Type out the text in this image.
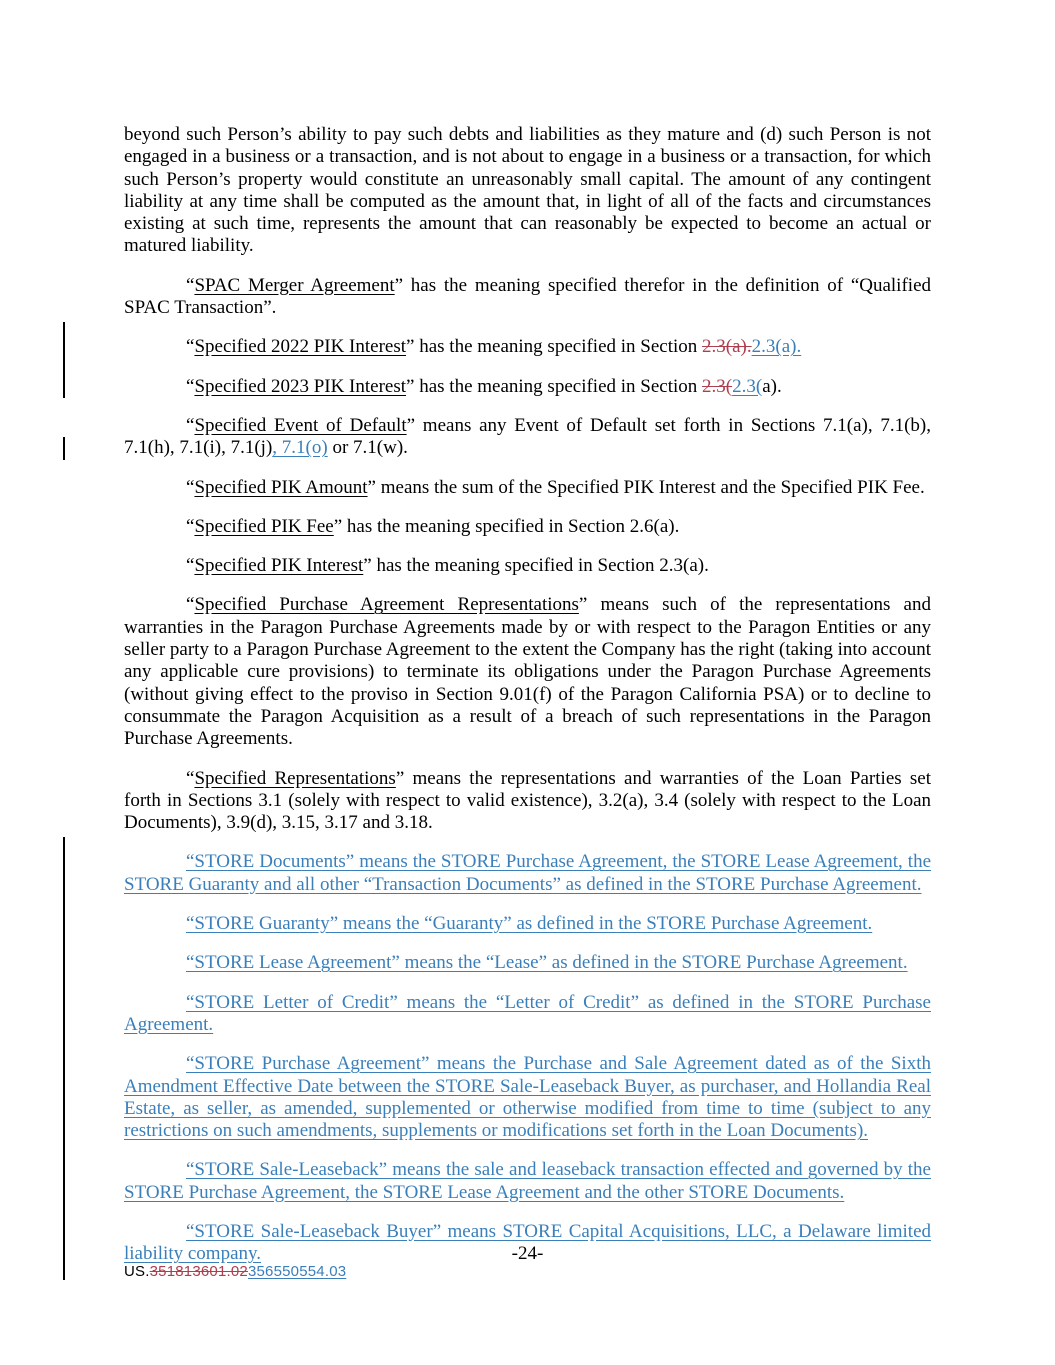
beyond such Person’s ability to pay such debts and liabilities as they mature and (d) such Person is not engaged in a business or a transaction, and is not about to engage in a business or a transaction, for which such Person’s property would constitute an unreasonably small capital. The amount of any contingent liability at any time shall be computed as the amount that, in light of all of the facts and circumstances existing at such time, represents the amount that can reasonably be expected to become an actual or matured liability.

“SPAC Merger Agreement” has the meaning specified therefor in the definition of “Qualified SPAC Transaction”.

“Specified 2022 PIK Interest” has the meaning specified in Section 2.3(a).2.3(a).

“Specified 2023 PIK Interest” has the meaning specified in Section 2.3(2.3(a).

“Specified Event of Default” means any Event of Default set forth in Sections 7.1(a), 7.1(b), 7.1(h), 7.1(i), 7.1(j), 7.1(o) or 7.1(w).

“Specified PIK Amount” means the sum of the Specified PIK Interest and the Specified PIK Fee.

“Specified PIK Fee” has the meaning specified in Section 2.6(a).

“Specified PIK Interest” has the meaning specified in Section 2.3(a).

“Specified Purchase Agreement Representations” means such of the representations and warranties in the Paragon Purchase Agreements made by or with respect to the Paragon Entities or any seller party to a Paragon Purchase Agreement to the extent the Company has the right (taking into account any applicable cure provisions) to terminate its obligations under the Paragon Purchase Agreements (without giving effect to the proviso in Section 9.01(f) of the Paragon California PSA) or to decline to consummate the Paragon Acquisition as a result of a breach of such representations in the Paragon Purchase Agreements.

“Specified Representations” means the representations and warranties of the Loan Parties set forth in Sections 3.1 (solely with respect to valid existence), 3.2(a), 3.4 (solely with respect to the Loan Documents), 3.9(d), 3.15, 3.17 and 3.18.

“STORE Documents” means the STORE Purchase Agreement, the STORE Lease Agreement, the STORE Guaranty and all other “Transaction Documents” as defined in the STORE Purchase Agreement.

“STORE Guaranty” means the “Guaranty” as defined in the STORE Purchase Agreement.

“STORE Lease Agreement” means the “Lease” as defined in the STORE Purchase Agreement.

“STORE Letter of Credit” means the “Letter of Credit” as defined in the STORE Purchase Agreement.

“STORE Purchase Agreement” means the Purchase and Sale Agreement dated as of the Sixth Amendment Effective Date between the STORE Sale-Leaseback Buyer, as purchaser, and Hollandia Real Estate, as seller, as amended, supplemented or otherwise modified from time to time (subject to any restrictions on such amendments, supplements or modifications set forth in the Loan Documents).

“STORE Sale-Leaseback” means the sale and leaseback transaction effected and governed by the STORE Purchase Agreement, the STORE Lease Agreement and the other STORE Documents.

“STORE Sale-Leaseback Buyer” means STORE Capital Acquisitions, LLC, a Delaware limited liability company.	-24-
US.351813601.02356550554.03
